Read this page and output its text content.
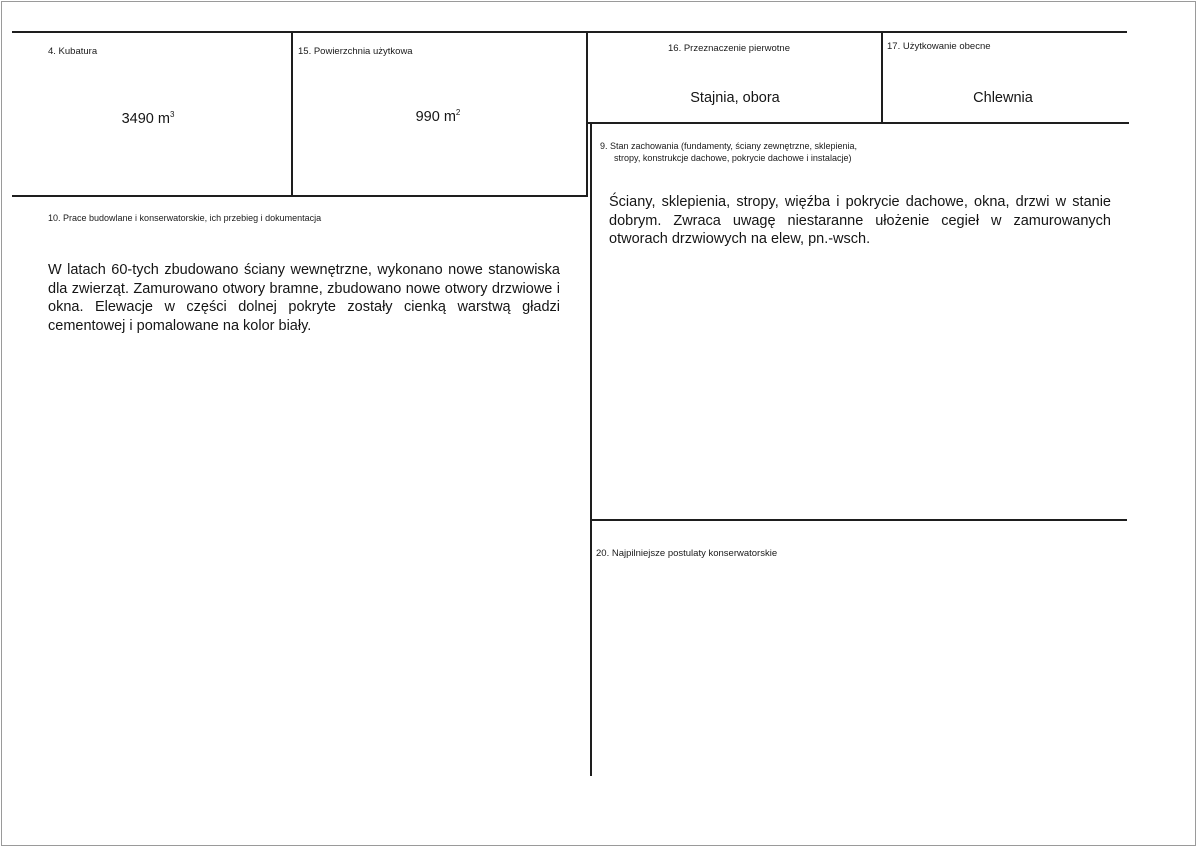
4. Kubatura
3490 $m^3$
15. Powierzchnia użytkowa
990 $m^2$
16. Przeznaczenie pierwotne
Stajnia, obora
17. Użytkowanie obecne
Chlewnia
9. Stan zachowania (fundamenty, ściany zewnętrzne, sklepienia,
stropy, konstrukcje dachowe, pokrycie dachowe i instalacje)
Ściany, sklepienia, stropy, więźba i pokrycie dachowe, okna, drzwi w stanie dobrym. Zwraca uwagę niestaranne ułożenie cegieł w zamurowanych otworach drzwiowych na elew, pn.-wsch.
10. Prace budowlane i konserwatorskie, ich przebieg i dokumentacja
W latach 60-tych zbudowano ściany wewnętrzne, wykonano nowe stanowiska dla zwierząt. Zamurowano otwory bramne, zbudowano nowe otwory drzwiowe i okna. Elewacje w części dolnej pokryte zostały cienką warstwą gładzi cementowej i pomalowane na kolor biały.
20. Najpilniejsze postulaty konserwatorskie
